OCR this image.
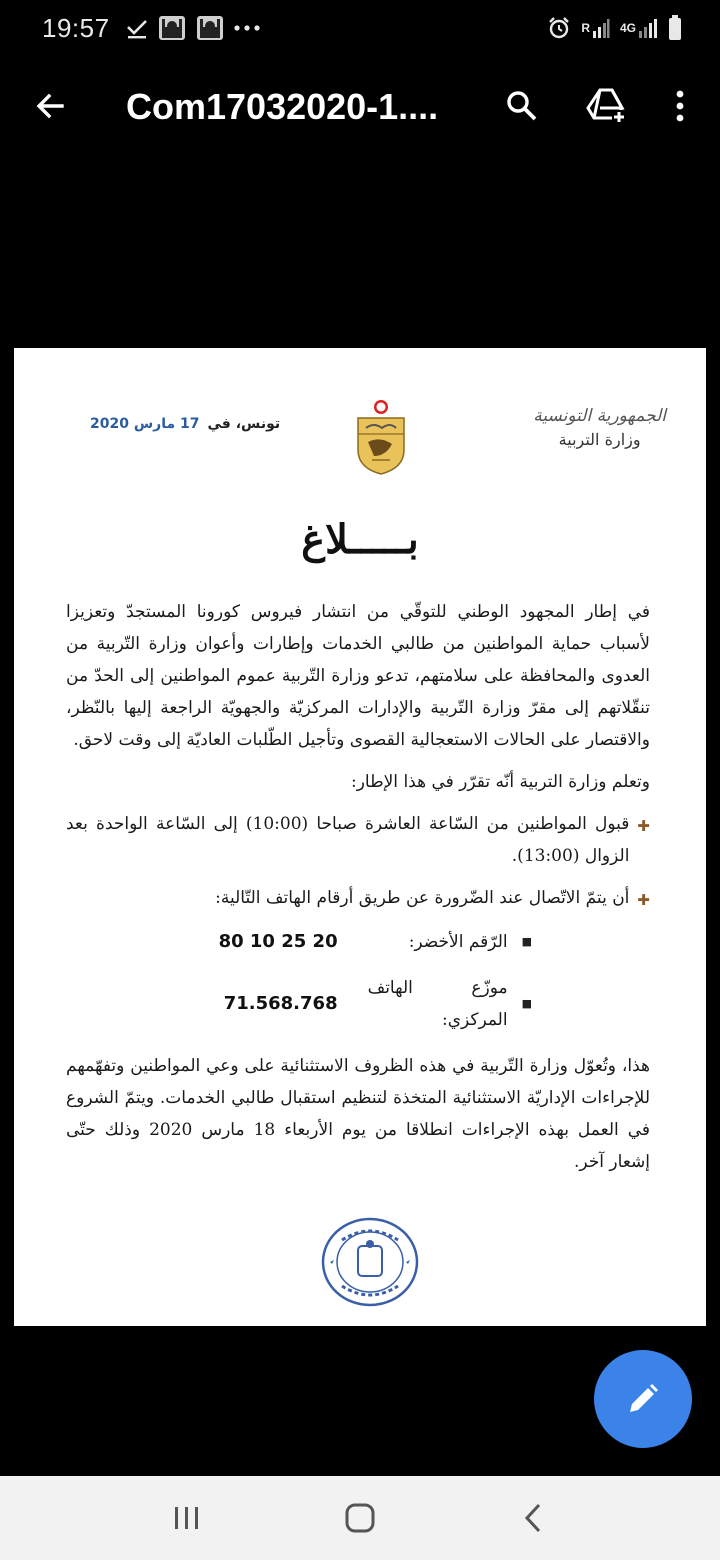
19:57	R	4G
Com17032020-1....
الجمهورية التونسية
وزارة التربية
تونس، في
17 مارس 2020
بـــــلاغ

في إطار المجهود الوطني للتوقّي من انتشار فيروس كورونا المستجدّ وتعزيزا لأسباب حماية المواطنين من طالبي الخدمات وإطارات وأعوان وزارة التّربية من العدوى والمحافظة على سلامتهم، تدعو وزارة التّربية عموم المواطنين إلى الحدّ من تنقّلاتهم إلى مقرّ وزارة التّربية والإدارات المركزيّة والجهويّة الراجعة إليها بالنّظر، والاقتصار على الحالات الاستعجالية القصوى وتأجيل الطّلبات العاديّة إلى وقت لاحق.

وتعلم وزارة التربية أنّه تقرّر في هذا الإطار:

✚
قبول المواطنين من السّاعة العاشرة صباحا (10:00) إلى السّاعة الواحدة بعد الزوال (13:00).
✚
أن يتمّ الاتّصال عند الضّرورة عن طريق أرقام الهاتف التّالية:
■
الرّقم الأخضر:
80 10 25 20
■
موزّع الهاتف المركزي:
71.568.768

هذا، وتُعوّل وزارة التّربية في هذه الظروف الاستثنائية على وعي المواطنين وتفهّمهم للإجراءات الإداريّة الاستثنائية المتخذة لتنظيم استقبال طالبي الخدمات. ويتمّ الشروع في العمل بهذه الإجراءات انطلاقا من يوم الأربعاء 18 مارس 2020 وذلك حتّى إشعار آخر.
